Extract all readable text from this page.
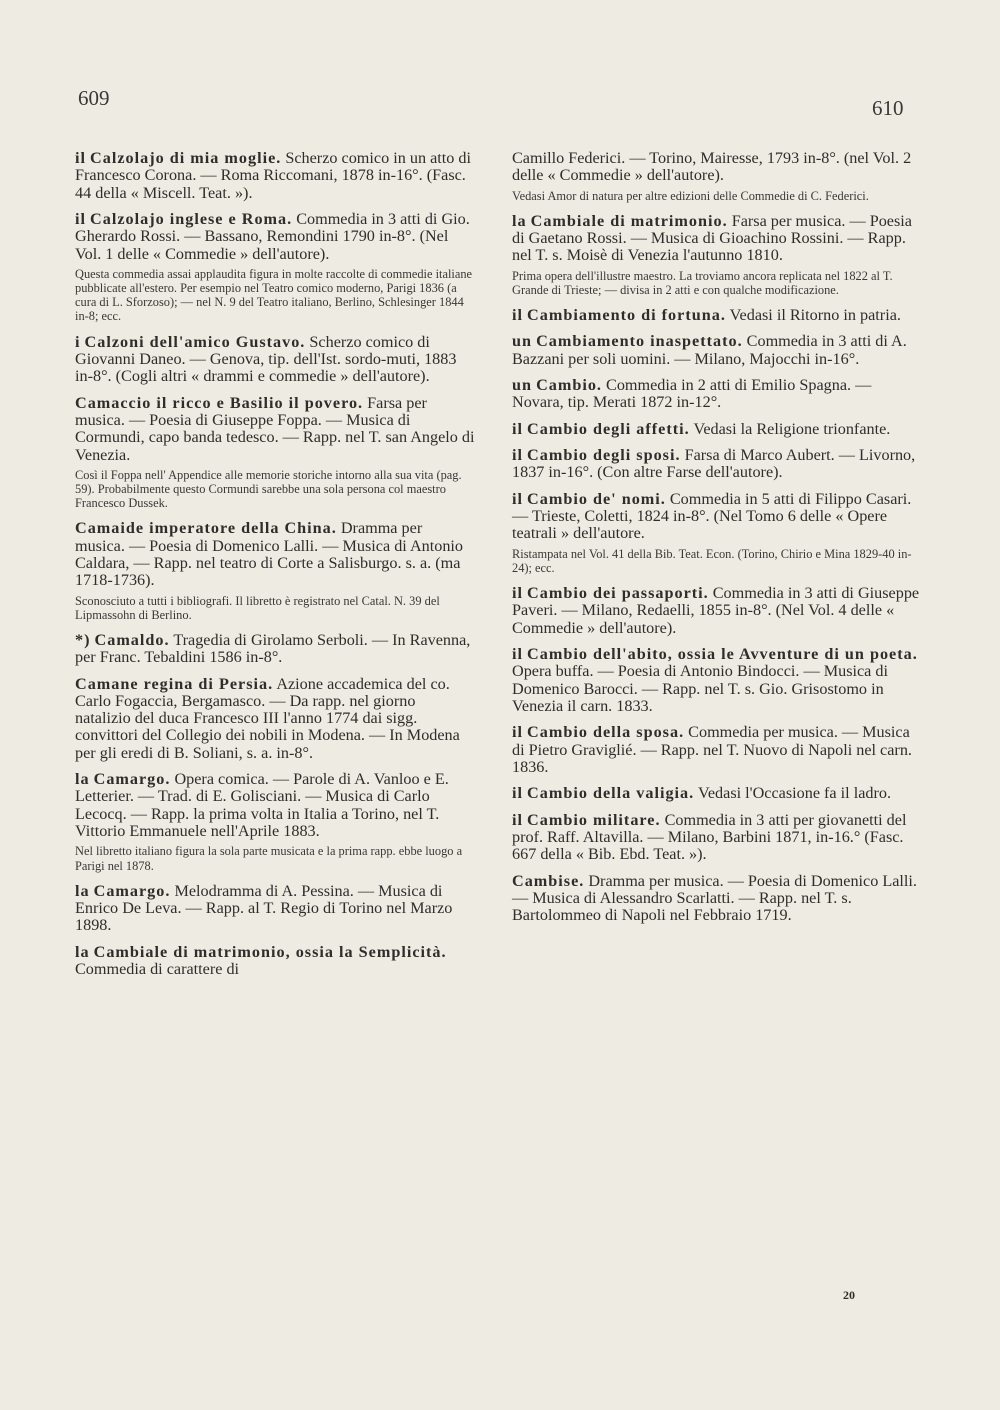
609	610
il Calzolajo di mia moglie. Scherzo comico in un atto di Francesco Corona. — Roma Riccomani, 1878 in-16°. (Fasc. 44 della « Miscell. Teat. »).
il Calzolajo inglese e Roma. Commedia in 3 atti di Gio. Gherardo Rossi. — Bassano, Remondini 1790 in-8°. (Nel Vol. 1 delle « Commedie » dell'autore).
Questa commedia assai applaudita figura in molte raccolte di commedie italiane pubblicate all'estero. Per esempio nel Teatro comico moderno, Parigi 1836 (a cura di L. Sforzoso); — nel N. 9 del Teatro italiano, Berlino, Schlesinger 1844 in-8; ecc.
i Calzoni dell'amico Gustavo. Scherzo comico di Giovanni Daneo. — Genova, tip. dell'Ist. sordo-muti, 1883 in-8°. (Cogli altri « drammi e commedie » dell'autore).
Camaccio il ricco e Basilio il povero. Farsa per musica. — Poesia di Giuseppe Foppa. — Musica di Cormundi, capo banda tedesco. — Rapp. nel T. san Angelo di Venezia.
Così il Foppa nell' Appendice alle memorie storiche intorno alla sua vita (pag. 59). Probabilmente questo Cormundi sarebbe una sola persona col maestro Francesco Dussek.
Camaide imperatore della China. Dramma per musica. — Poesia di Domenico Lalli. — Musica di Antonio Caldara, — Rapp. nel teatro di Corte a Salisburgo. s. a. (ma 1718-1736).
Sconosciuto a tutti i bibliografi. Il libretto è registrato nel Catal. N. 39 del Lipmassohn di Berlino.
*) Camaldo. Tragedia di Girolamo Serboli. — In Ravenna, per Franc. Tebaldini 1586 in-8°.
Camane regina di Persia. Azione accademica del co. Carlo Fogaccia, Bergamasco. — Da rapp. nel giorno natalizio del duca Francesco III l'anno 1774 dai sigg. convittori del Collegio dei nobili in Modena. — In Modena per gli eredi di B. Soliani, s. a. in-8°.
la Camargo. Opera comica. — Parole di A. Vanloo e E. Letterier. — Trad. di E. Golisciani. — Musica di Carlo Lecocq. — Rapp. la prima volta in Italia a Torino, nel T. Vittorio Emmanuele nell'Aprile 1883.
Nel libretto italiano figura la sola parte musicata e la prima rapp. ebbe luogo a Parigi nel 1878.
la Camargo. Melodramma di A. Pessina. — Musica di Enrico De Leva. — Rapp. al T. Regio di Torino nel Marzo 1898.
la Cambiale di matrimonio, ossia la Semplicità. Commedia di carattere di
Camillo Federici. — Torino, Mairesse, 1793 in-8°. (nel Vol. 2 delle « Commedie » dell'autore).
Vedasi Amor di natura per altre edizioni delle Commedie di C. Federici.
la Cambiale di matrimonio. Farsa per musica. — Poesia di Gaetano Rossi. — Musica di Gioachino Rossini. — Rapp. nel T. s. Moisè di Venezia l'autunno 1810.
Prima opera dell'illustre maestro. La troviamo ancora replicata nel 1822 al T. Grande di Trieste; — divisa in 2 atti e con qualche modificazione.
il Cambiamento di fortuna. Vedasi il Ritorno in patria.
un Cambiamento inaspettato. Commedia in 3 atti di A. Bazzani per soli uomini. — Milano, Majocchi in-16°.
un Cambio. Commedia in 2 atti di Emilio Spagna. — Novara, tip. Merati 1872 in-12°.
il Cambio degli affetti. Vedasi la Religione trionfante.
il Cambio degli sposi. Farsa di Marco Aubert. — Livorno, 1837 in-16°. (Con altre Farse dell'autore).
il Cambio de' nomi. Commedia in 5 atti di Filippo Casari. — Trieste, Coletti, 1824 in-8°. (Nel Tomo 6 delle « Opere teatrali » dell'autore.
Ristampata nel Vol. 41 della Bib. Teat. Econ. (Torino, Chirio e Mina 1829-40 in-24); ecc.
il Cambio dei passaporti. Commedia in 3 atti di Giuseppe Paveri. — Milano, Redaelli, 1855 in-8°. (Nel Vol. 4 delle « Commedie » dell'autore).
il Cambio dell'abito, ossia le Avventure di un poeta. Opera buffa. — Poesia di Antonio Bindocci. — Musica di Domenico Barocci. — Rapp. nel T. s. Gio. Grisostomo in Venezia il carn. 1833.
il Cambio della sposa. Commedia per musica. — Musica di Pietro Graviglié. — Rapp. nel T. Nuovo di Napoli nel carn. 1836.
il Cambio della valigia. Vedasi l'Occasione fa il ladro.
il Cambio militare. Commedia in 3 atti per giovanetti del prof. Raff. Altavilla. — Milano, Barbini 1871, in-16.° (Fasc. 667 della « Bib. Ebd. Teat. »).
Cambise. Dramma per musica. — Poesia di Domenico Lalli. — Musica di Alessandro Scarlatti. — Rapp. nel T. s. Bartolommeo di Napoli nel Febbraio 1719.
20
